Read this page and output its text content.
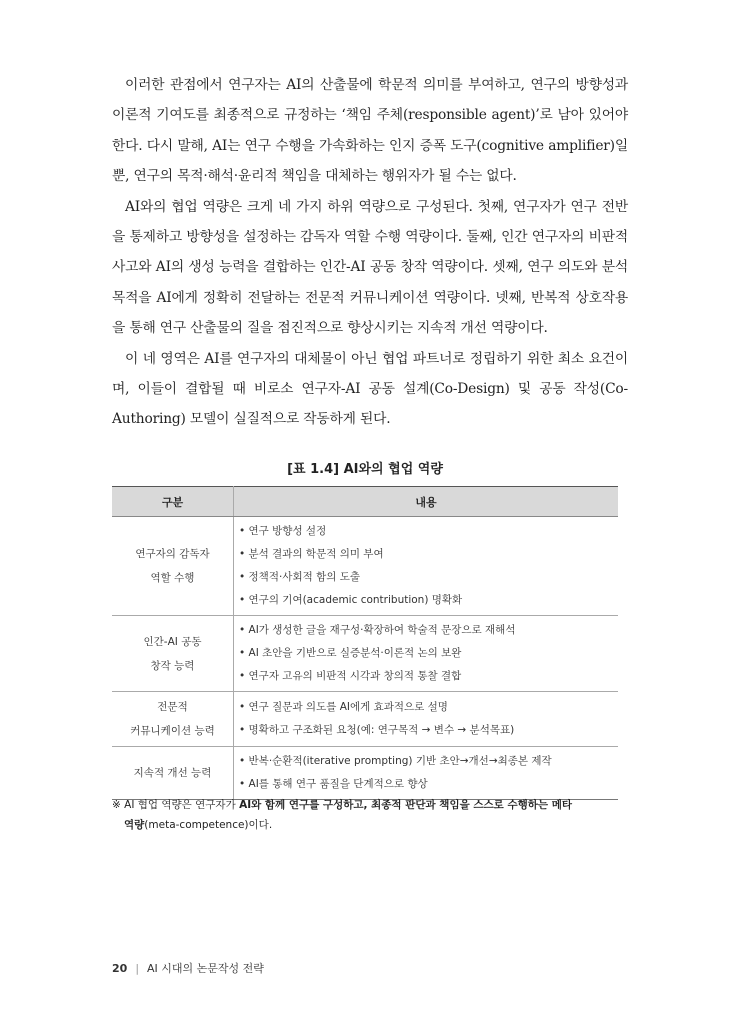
이러한 관점에서 연구자는 AI의 산출물에 학문적 의미를 부여하고, 연구의 방향성과 이론적 기여도를 최종적으로 규정하는 ‘책임 주체(responsible agent)’로 남아 있어야 한다. 다시 말해, AI는 연구 수행을 가속화하는 인지 증폭 도구(cognitive amplifier)일 뿐, 연구의 목적·해석·윤리적 책임을 대체하는 행위자가 될 수는 없다.

AI와의 협업 역량은 크게 네 가지 하위 역량으로 구성된다. 첫째, 연구자가 연구 전반을 통제하고 방향성을 설정하는 감독자 역할 수행 역량이다. 둘째, 인간 연구자의 비판적 사고와 AI의 생성 능력을 결합하는 인간-AI 공동 창작 역량이다. 셋째, 연구 의도와 분석 목적을 AI에게 정확히 전달하는 전문적 커뮤니케이션 역량이다. 넷째, 반복적 상호작용을 통해 연구 산출물의 질을 점진적으로 향상시키는 지속적 개선 역량이다.

이 네 영역은 AI를 연구자의 대체물이 아닌 협업 파트너로 정립하기 위한 최소 요건이며, 이들이 결합될 때 비로소 연구자-AI 공동 설계(Co-Design) 및 공동 작성(Co-Authoring) 모델이 실질적으로 작동하게 된다.

[표 1.4] AI와의 협업 역량
구분	내용

연구자의 감독자
역할 수행	• 연구 방향성 설정
• 분석 결과의 학문적 의미 부여
• 정책적·사회적 함의 도출
• 연구의 기여(academic contribution) 명확화

인간-AI 공동
창작 능력	• AI가 생성한 글을 재구성·확장하여 학술적 문장으로 재해석
• AI 초안을 기반으로 실증분석·이론적 논의 보완
• 연구자 고유의 비판적 시각과 창의적 통찰 결합

전문적
커뮤니케이션 능력	• 연구 질문과 의도를 AI에게 효과적으로 설명
• 명확하고 구조화된 요청(예: 연구목적 → 변수 → 분석목표)

지속적 개선 능력	• 반복·순환적(iterative prompting) 기반 초안→개선→최종본 제작
• AI를 통해 연구 품질을 단계적으로 향상
※ AI 협업 역량은 연구자가 AI와 함께 연구를 구성하고, 최종적 판단과 책임을 스스로 수행하는 메타
역량(meta-competence)이다.
20 | AI 시대의 논문작성 전략
